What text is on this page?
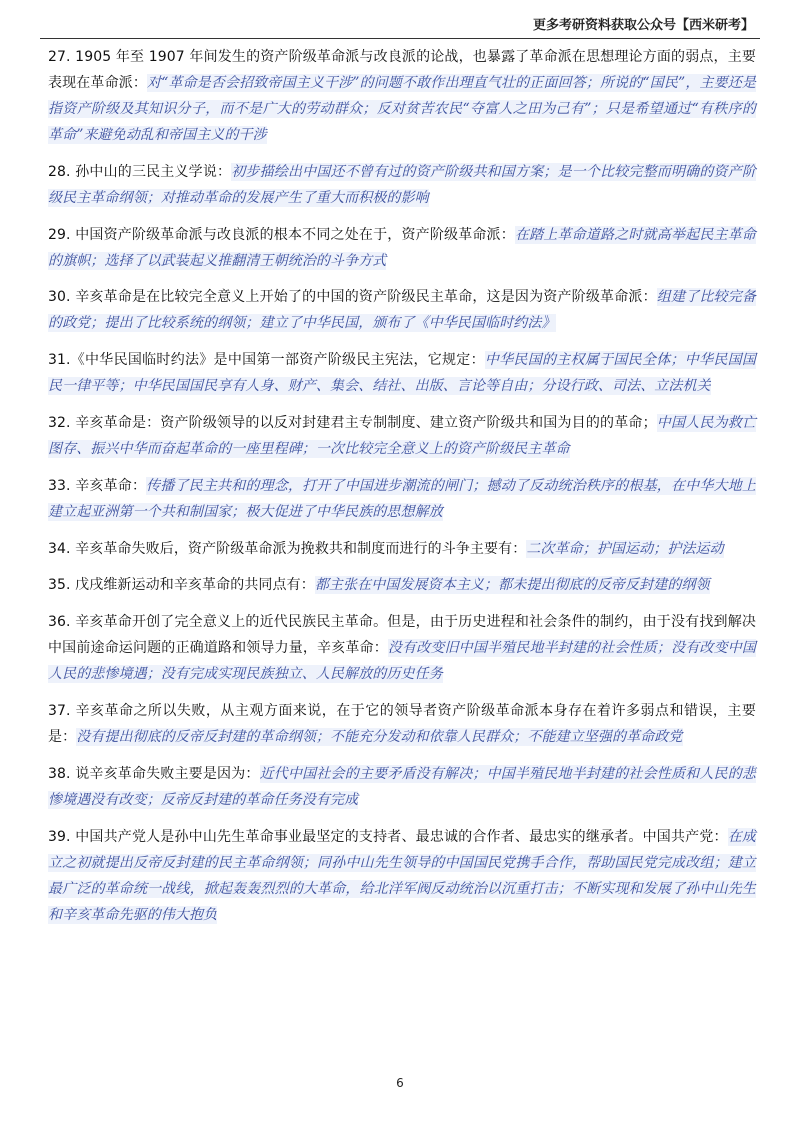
更多考研资料获取公众号【西米研考】

27. 1905 年至 1907 年间发生的资产阶级革命派与改良派的论战，也暴露了革命派在思想理论方面的弱点，主要表现在革命派：对“革命是否会招致帝国主义干涉”的问题不敢作出理直气壮的正面回答；所说的“国民”，主要还是指资产阶级及其知识分子，而不是广大的劳动群众；反对贫苦农民“夺富人之田为己有”；只是希望通过“有秩序的革命”来避免动乱和帝国主义的干涉

28. 孙中山的三民主义学说：初步描绘出中国还不曾有过的资产阶级共和国方案；是一个比较完整而明确的资产阶级民主革命纲领；对推动革命的发展产生了重大而积极的影响

29. 中国资产阶级革命派与改良派的根本不同之处在于，资产阶级革命派：在踏上革命道路之时就高举起民主革命的旗帜；选择了以武装起义推翻清王朝统治的斗争方式

30. 辛亥革命是在比较完全意义上开始了的中国的资产阶级民主革命，这是因为资产阶级革命派：组建了比较完备的政党；提出了比较系统的纲领；建立了中华民国，颁布了《中华民国临时约法》

31.《中华民国临时约法》是中国第一部资产阶级民主宪法，它规定：中华民国的主权属于国民全体；中华民国国民一律平等；中华民国国民享有人身、财产、集会、结社、出版、言论等自由；分设行政、司法、立法机关

32. 辛亥革命是：资产阶级领导的以反对封建君主专制制度、建立资产阶级共和国为目的的革命；中国人民为救亡图存、振兴中华而奋起革命的一座里程碑；一次比较完全意义上的资产阶级民主革命

33. 辛亥革命：传播了民主共和的理念，打开了中国进步潮流的闸门；撼动了反动统治秩序的根基，在中华大地上建立起亚洲第一个共和制国家；极大促进了中华民族的思想解放

34. 辛亥革命失败后，资产阶级革命派为挽救共和制度而进行的斗争主要有：二次革命；护国运动；护法运动

35. 戊戌维新运动和辛亥革命的共同点有：都主张在中国发展资本主义；都未提出彻底的反帝反封建的纲领

36. 辛亥革命开创了完全意义上的近代民族民主革命。但是，由于历史进程和社会条件的制约，由于没有找到解决中国前途命运问题的正确道路和领导力量，辛亥革命：没有改变旧中国半殖民地半封建的社会性质；没有改变中国人民的悲惨境遇；没有完成实现民族独立、人民解放的历史任务

37. 辛亥革命之所以失败，从主观方面来说，在于它的领导者资产阶级革命派本身存在着许多弱点和错误，主要是：没有提出彻底的反帝反封建的革命纲领；不能充分发动和依靠人民群众；不能建立坚强的革命政党

38. 说辛亥革命失败主要是因为：近代中国社会的主要矛盾没有解决；中国半殖民地半封建的社会性质和人民的悲惨境遇没有改变；反帝反封建的革命任务没有完成

39. 中国共产党人是孙中山先生革命事业最坚定的支持者、最忠诚的合作者、最忠实的继承者。中国共产党：在成立之初就提出反帝反封建的民主革命纲领；同孙中山先生领导的中国国民党携手合作，帮助国民党完成改组；建立最广泛的革命统一战线，掀起轰轰烈烈的大革命，给北洋军阀反动统治以沉重打击；不断实现和发展了孙中山先生和辛亥革命先驱的伟大抱负

6
